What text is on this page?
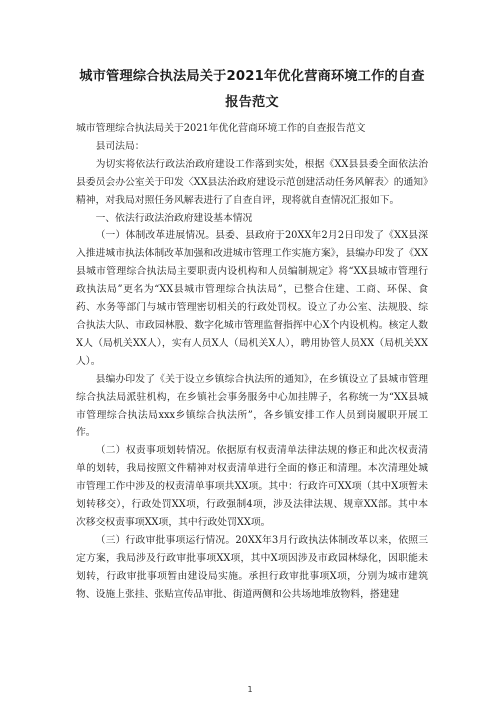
城市管理综合执法局关于2021年优化营商环境工作的自查报告范文

城市管理综合执法局关于2021年优化营商环境工作的自查报告范文

县司法局：

为切实将依法行政法治政府建设工作落到实处，根据《XX县县委全面依法治县委员会办公室关于印发〈XX县法治政府建设示范创建活动任务风解表〉的通知》精神，对我局对照任务风解表进行了自查自评，现将就自查情况汇报如下。

一、依法行政法治政府建设基本情况

（一）体制改革进展情况。县委、县政府于20XX年2月2日印发了《XX县深入推进城市执法体制改革加强和改进城市管理工作实施方案》，县编办印发了《XX县城市管理综合执法局主要职责内设机构和人员编制规定》将“XX县城市管理行政执法局”更名为“XX县城市管理综合执法局”，已整合住建、工商、环保、食药、水务等部门与城市管理密切相关的行政处罚权。设立了办公室、法规股、综合执法大队、市政园林股、数字化城市管理监督指挥中心X个内设机构。核定人数X人（局机关XX人），实有人员X人（局机关X人），聘用协管人员XX（局机关XX人）。

县编办印发了《关于设立乡镇综合执法所的通知》，在乡镇设立了县城市管理综合执法局派驻机构，在乡镇社会事务服务中心加挂牌子，名称统一为“XX县城市管理综合执法局xxx乡镇综合执法所”，各乡镇安排工作人员到岗履职开展工作。

（二）权责事项划转情况。依据原有权责清单法律法规的修正和此次权责清单的划转，我局按照文件精神对权责清单进行全面的修正和清理。本次清理处城市管理工作中涉及的权责清单事项共XX项。其中：行政许可XX项（其中X项暂未划转移交），行政处罚XX项，行政强制4项，涉及法律法规、规章XX部。其中本次移交权责事项XX项，其中行政处罚XX项。

（三）行政审批事项运行情况。20XX年3月行政执法体制改革以来，依照三定方案，我局涉及行政审批事项XX项，其中X项因涉及市政园林绿化，因职能未划转，行政审批事项暂由建设局实施。承担行政审批事项X项，分别为城市建筑物、设施上张挂、张贴宣传品审批、街道两侧和公共场地堆放物料，搭建建

1
